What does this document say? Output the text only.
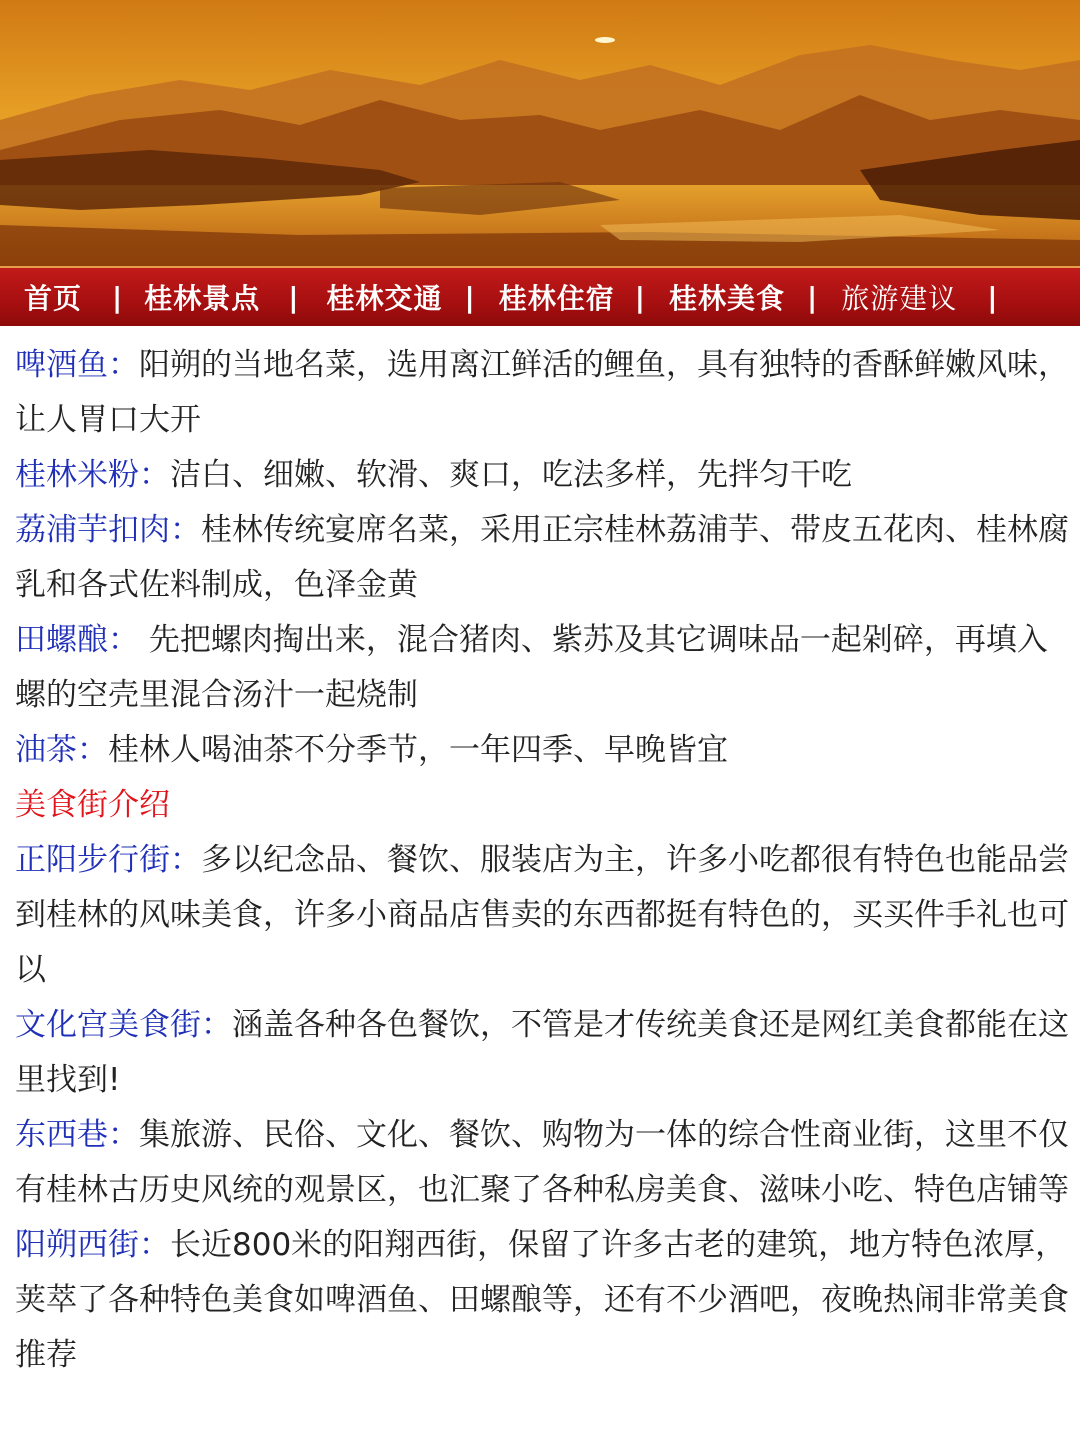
首页 | 桂林景点 | 桂林交通 | 桂林住宿 | 桂林美食 | 旅游建议 |

啤酒鱼：阳朔的当地名菜，选用离江鲜活的鲤鱼，具有独特的香酥鲜嫩风味，让人胃口大开

桂林米粉：洁白、细嫩、软滑、爽口，吃法多样，先拌匀干吃

荔浦芋扣肉：桂林传统宴席名菜，采用正宗桂林荔浦芋、带皮五花肉、桂林腐乳和各式佐料制成，色泽金黄

田螺酿： 先把螺肉掏出来，混合猪肉、紫苏及其它调味品一起剁碎，再填入螺的空壳里混合汤汁一起烧制

油茶：桂林人喝油茶不分季节，一年四季、早晚皆宜

美食街介绍

正阳步行街：多以纪念品、餐饮、服装店为主，许多小吃都很有特色也能品尝到桂林的风味美食，许多小商品店售卖的东西都挺有特色的，买买件手礼也可以

文化宫美食街：涵盖各种各色餐饮，不管是才传统美食还是网红美食都能在这里找到!

东西巷：集旅游、民俗、文化、餐饮、购物为一体的综合性商业街，这里不仅有桂林古历史风统的观景区，也汇聚了各种私房美食、滋味小吃、特色店铺等

阳朔西街：长近800米的阳翔西街，保留了许多古老的建筑，地方特色浓厚，荚萃了各种特色美食如啤酒鱼、田螺酿等，还有不少酒吧，夜晚热闹非常美食推荐
